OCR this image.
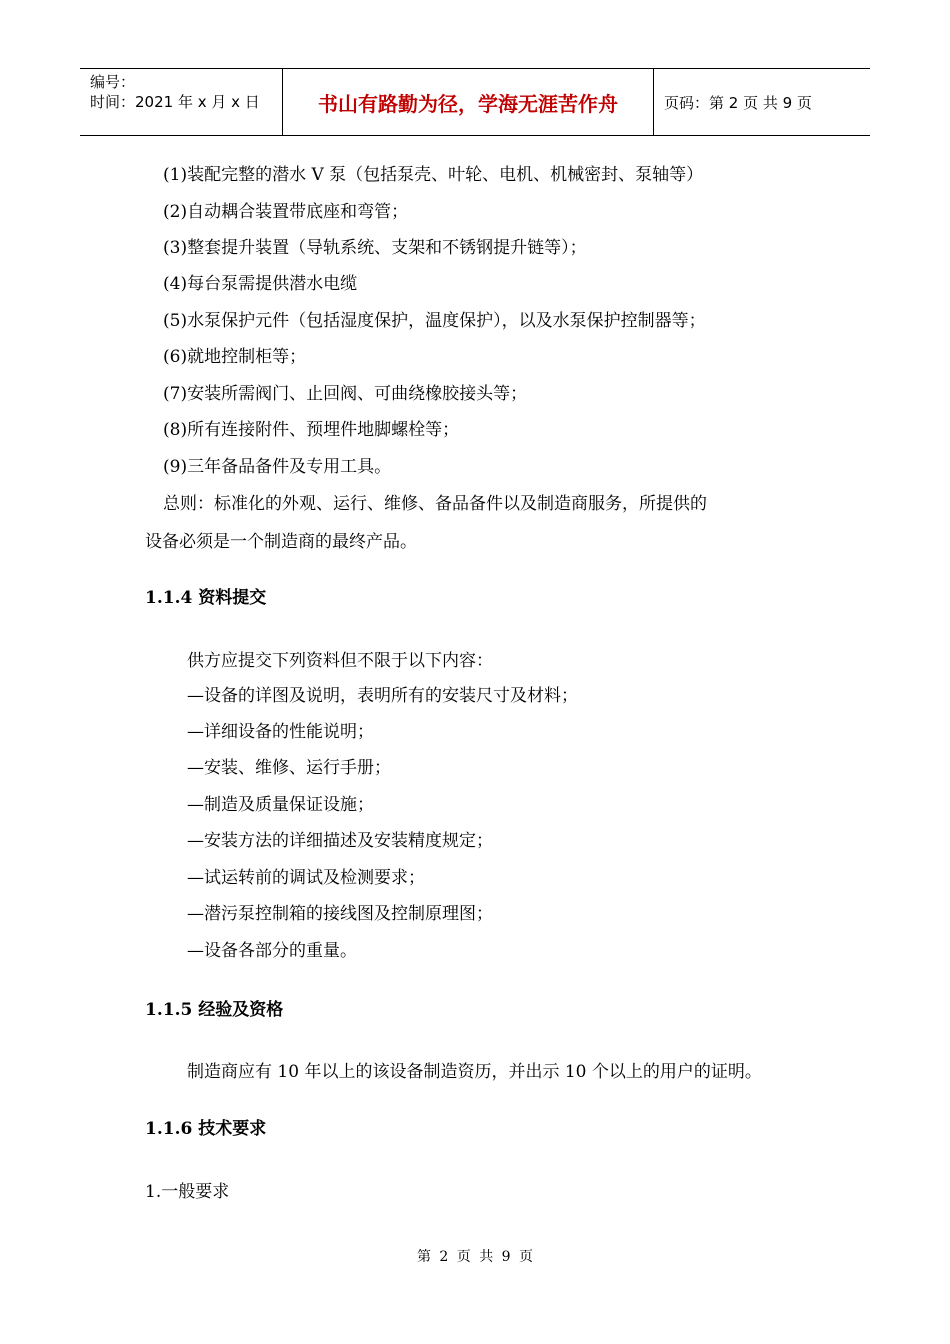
编号：
时间：2021 年 x 月 x 日	书山有路勤为径，学海无涯苦作舟	页码：第 2 页 共 9 页
(1)装配完整的潜水 V 泵（包括泵壳、叶轮、电机、机械密封、泵轴等）
(2)自动耦合装置带底座和弯管；
(3)整套提升装置（导轨系统、支架和不锈钢提升链等）；
(4)每台泵需提供潜水电缆
(5)水泵保护元件（包括湿度保护，温度保护），以及水泵保护控制器等；
(6)就地控制柜等；
(7)安装所需阀门、止回阀、可曲绕橡胶接头等；
(8)所有连接附件、预埋件地脚螺栓等；
(9)三年备品备件及专用工具。
总则：标准化的外观、运行、维修、备品备件以及制造商服务，所提供的
设备必须是一个制造商的最终产品。
1.1.4 资料提交
供方应提交下列资料但不限于以下内容：
—设备的详图及说明，表明所有的安装尺寸及材料；
—详细设备的性能说明；
—安装、维修、运行手册；
—制造及质量保证设施；
—安装方法的详细描述及安装精度规定；
—试运转前的调试及检测要求；
—潜污泵控制箱的接线图及控制原理图；
—设备各部分的重量。
1.1.5 经验及资格
制造商应有 10 年以上的该设备制造资历，并出示 10 个以上的用户的证明。
1.1.6 技术要求
1.一般要求
第 2 页 共 9 页
